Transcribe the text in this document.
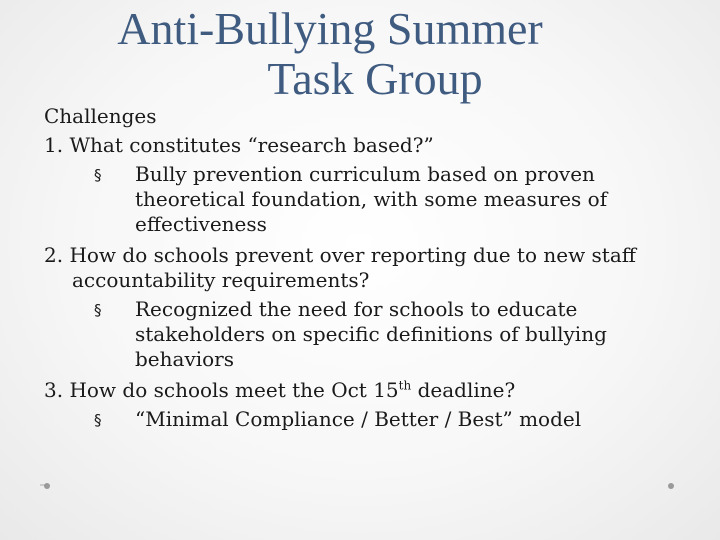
Anti-Bullying Summer
Task Group
Challenges

1. What constitutes “research based?”

§ Bully prevention curriculum based on proven theoretical foundation, with some measures of effectiveness

2. How do schools prevent over reporting due to new staff accountability requirements?

§ Recognized the need for schools to educate stakeholders on specific definitions of bullying behaviors

3. How do schools meet the Oct 15th deadline?

§ “Minimal Compliance / Better / Best” model
